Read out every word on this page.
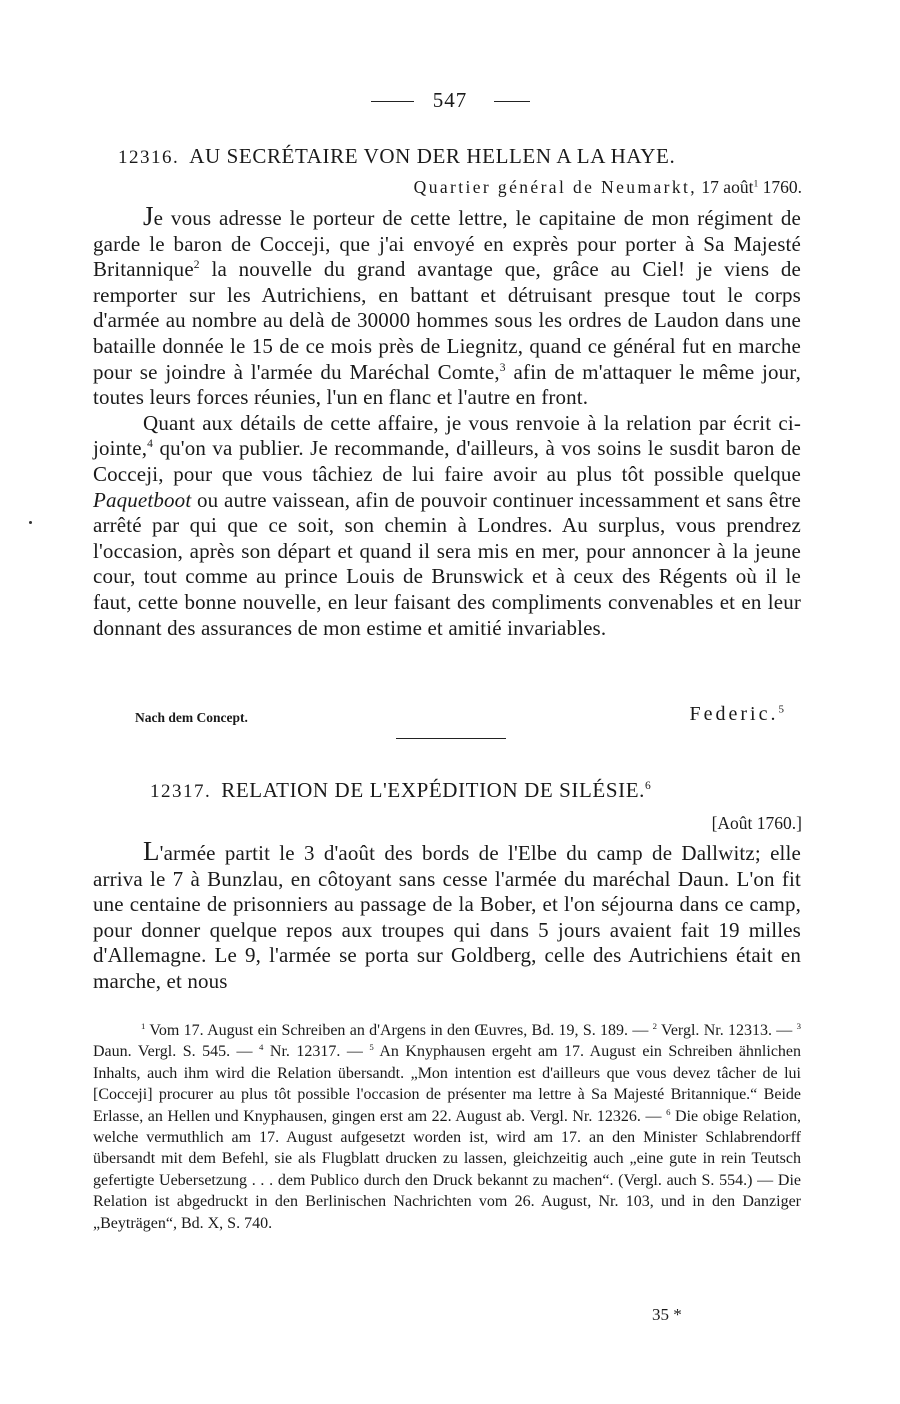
547
12316. AU SECRÉTAIRE VON DER HELLEN A LA HAYE.
Quartier général de Neumarkt, 17 août$^1$ 1760.

Je vous adresse le porteur de cette lettre, le capitaine de mon régiment de garde le baron de Cocceji, que j'ai envoyé en exprès pour porter à Sa Majesté Britannique$^2$ la nouvelle du grand avantage que, grâce au Ciel! je viens de remporter sur les Autrichiens, en battant et détruisant presque tout le corps d'armée au nombre au delà de 30000 hommes sous les ordres de Laudon dans une bataille donnée le 15 de ce mois près de Liegnitz, quand ce général fut en marche pour se joindre à l'armée du Maréchal Comte,$^3$ afin de m'attaquer le même jour, toutes leurs forces réunies, l'un en flanc et l'autre en front.

Quant aux détails de cette affaire, je vous renvoie à la relation par écrit ci-jointe,$^4$ qu'on va publier. Je recommande, d'ailleurs, à vos soins le susdit baron de Cocceji, pour que vous tâchiez de lui faire avoir au plus tôt possible quelque Paquetboot ou autre vaissean, afin de pouvoir continuer incessamment et sans être arrêté par qui que ce soit, son chemin à Londres. Au surplus, vous prendrez l'occasion, après son départ et quand il sera mis en mer, pour annoncer à la jeune cour, tout comme au prince Louis de Brunswick et à ceux des Régents où il le faut, cette bonne nouvelle, en leur faisant des compliments convenables et en leur donnant des assurances de mon estime et amitié invariables.

Nach dem Concept.	Federic.$^5$
12317. RELATION DE L'EXPÉDITION DE SILÉSIE.$^6$
[Août 1760.]

L'armée partit le 3 d'août des bords de l'Elbe du camp de Dallwitz; elle arriva le 7 à Bunzlau, en côtoyant sans cesse l'armée du maréchal Daun. L'on fit une centaine de prisonniers au passage de la Bober, et l'on séjourna dans ce camp, pour donner quelque repos aux troupes qui dans 5 jours avaient fait 19 milles d'Allemagne. Le 9, l'armée se porta sur Goldberg, celle des Autrichiens était en marche, et nous

$^1$ Vom 17. August ein Schreiben an d'Argens in den Œuvres, Bd. 19, S. 189. — $^2$ Vergl. Nr. 12313. — $^3$ Daun. Vergl. S. 545. — $^4$ Nr. 12317. — $^5$ An Knyphausen ergeht am 17. August ein Schreiben ähnlichen Inhalts, auch ihm wird die Relation übersandt. „Mon intention est d'ailleurs que vous devez tâcher de lui [Cocceji] procurer au plus tôt possible l'occasion de présenter ma lettre à Sa Majesté Britannique.“ Beide Erlasse, an Hellen und Knyphausen, gingen erst am 22. August ab. Vergl. Nr. 12326. — $^6$ Die obige Relation, welche vermuthlich am 17. August aufgesetzt worden ist, wird am 17. an den Minister Schlabrendorff übersandt mit dem Befehl, sie als Flugblatt drucken zu lassen, gleichzeitig auch „eine gute in rein Teutsch gefertigte Uebersetzung . . . dem Publico durch den Druck bekannt zu machen“. (Vergl. auch S. 554.) — Die Relation ist abgedruckt in den Berlinischen Nachrichten vom 26. August, Nr. 103, und in den Danziger „Beyträgen“, Bd. X, S. 740.

35 *
